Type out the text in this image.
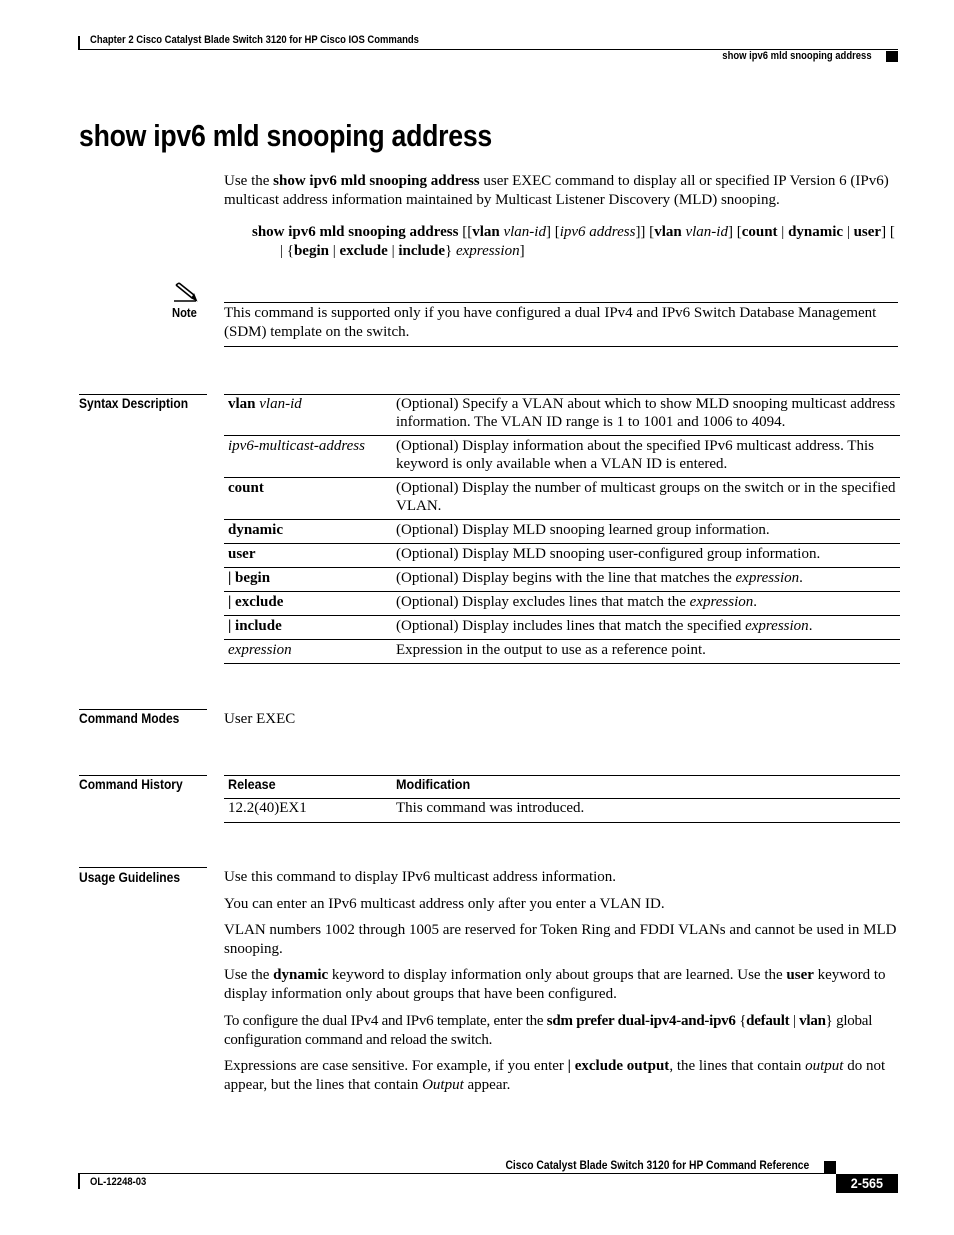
Chapter 2 Cisco Catalyst Blade Switch 3120 for HP Cisco IOS Commands
show ipv6 mld snooping address
show ipv6 mld snooping address
Use the show ipv6 mld snooping address user EXEC command to display all or specified IP Version 6 (IPv6) multicast address information maintained by Multicast Listener Discovery (MLD) snooping.
show ipv6 mld snooping address [[vlan vlan-id] [ipv6 address]] [vlan vlan-id] [count | dynamic | user] [ | {begin | exclude | include} expression]
Note This command is supported only if you have configured a dual IPv4 and IPv6 Switch Database Management (SDM) template on the switch.
Syntax Description	vlan vlan-id	(Optional) Specify a VLAN about which to show MLD snooping multicast address information. The VLAN ID range is 1 to 1001 and 1006 to 4094.
ipv6-multicast-address	(Optional) Display information about the specified IPv6 multicast address. This keyword is only available when a VLAN ID is entered.
count	(Optional) Display the number of multicast groups on the switch or in the specified VLAN.
dynamic	(Optional) Display MLD snooping learned group information.
user	(Optional) Display MLD snooping user-configured group information.
| begin	(Optional) Display begins with the line that matches the expression.
| exclude	(Optional) Display excludes lines that match the expression.
| include	(Optional) Display includes lines that match the specified expression.
expression	Expression in the output to use as a reference point.
Command Modes	User EXEC
Command History	Release	Modification
12.2(40)EX1	This command was introduced.
Usage Guidelines	Use this command to display IPv6 multicast address information.
You can enter an IPv6 multicast address only after you enter a VLAN ID.
VLAN numbers 1002 through 1005 are reserved for Token Ring and FDDI VLANs and cannot be used in MLD snooping.
Use the dynamic keyword to display information only about groups that are learned. Use the user keyword to display information only about groups that have been configured.
To configure the dual IPv4 and IPv6 template, enter the sdm prefer dual-ipv4-and-ipv6 {default | vlan} global configuration command and reload the switch.
Expressions are case sensitive. For example, if you enter | exclude output, the lines that contain output do not appear, but the lines that contain Output appear.
Cisco Catalyst Blade Switch 3120 for HP Command Reference
OL-12248-03	2-565
